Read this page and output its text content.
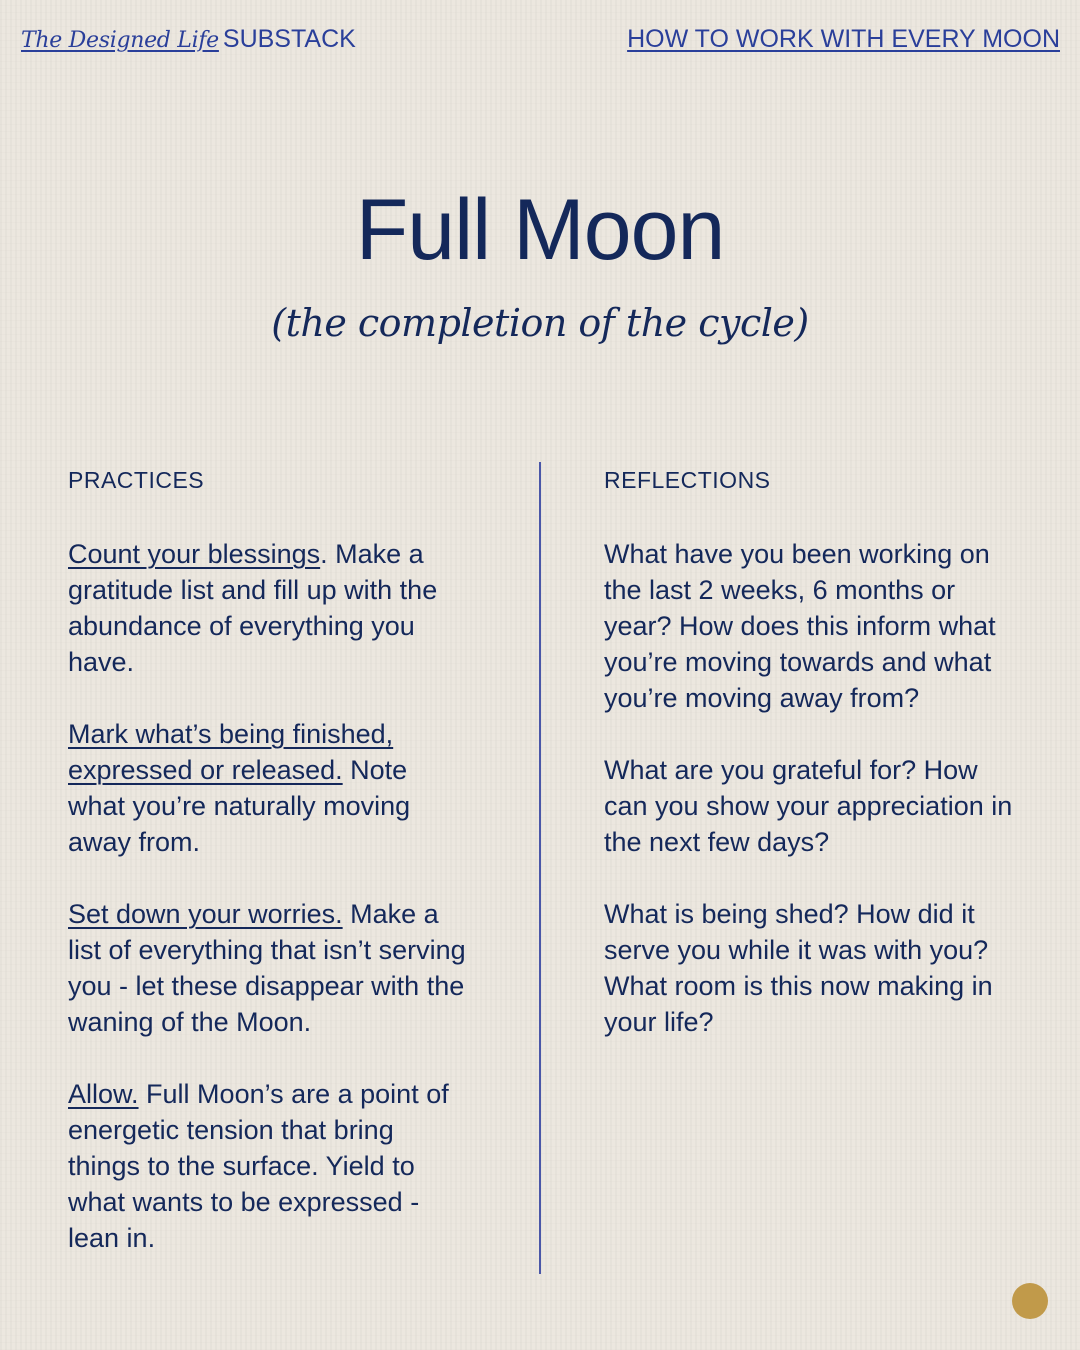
The Designed Life SUBSTACK	HOW TO WORK WITH EVERY MOON
Full Moon
(the completion of the cycle)
PRACTICES

Count your blessings. Make a gratitude list and fill up with the abundance of everything you have.

Mark what’s being finished, expressed or released. Note what you’re naturally moving away from.

Set down your worries. Make a list of everything that isn’t serving you - let these disappear with the waning of the Moon.

Allow. Full Moon’s are a point of energetic tension that bring things to the surface. Yield to what wants to be expressed - lean in.

REFLECTIONS

What have you been working on the last 2 weeks, 6 months or year? How does this inform what you’re moving towards and what you’re moving away from?

What are you grateful for? How can you show your appreciation in the next few days?

What is being shed? How did it serve you while it was with you? What room is this now making in your life?
